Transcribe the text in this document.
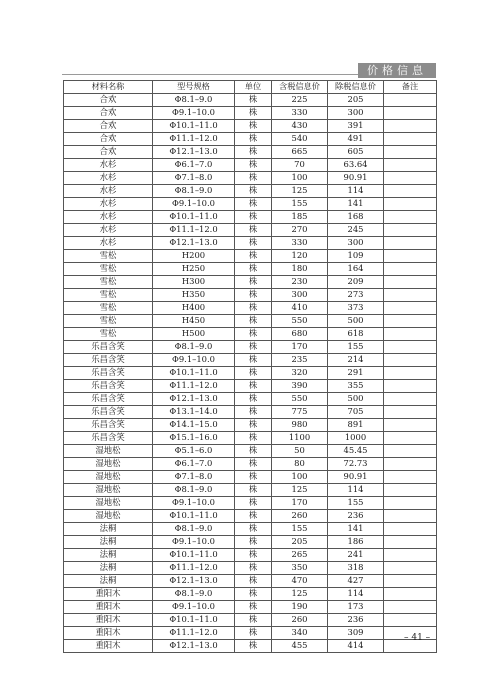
价格信息
材料名称	型号规格	单位	含税信息价	除税信息价	备注
合欢	Φ8.1–9.0	株	225	205	
合欢	Φ9.1–10.0	株	330	300	
合欢	Φ10.1–11.0	株	430	391	
合欢	Φ11.1–12.0	株	540	491	
合欢	Φ12.1–13.0	株	665	605	
水杉	Φ6.1–7.0	株	70	63.64	
水杉	Φ7.1–8.0	株	100	90.91	
水杉	Φ8.1–9.0	株	125	114	
水杉	Φ9.1–10.0	株	155	141	
水杉	Φ10.1–11.0	株	185	168	
水杉	Φ11.1–12.0	株	270	245	
水杉	Φ12.1–13.0	株	330	300	
雪松	H200	株	120	109	
雪松	H250	株	180	164	
雪松	H300	株	230	209	
雪松	H350	株	300	273	
雪松	H400	株	410	373	
雪松	H450	株	550	500	
雪松	H500	株	680	618	
乐昌含笑	Φ8.1–9.0	株	170	155	
乐昌含笑	Φ9.1–10.0	株	235	214	
乐昌含笑	Φ10.1–11.0	株	320	291	
乐昌含笑	Φ11.1–12.0	株	390	355	
乐昌含笑	Φ12.1–13.0	株	550	500	
乐昌含笑	Φ13.1–14.0	株	775	705	
乐昌含笑	Φ14.1–15.0	株	980	891	
乐昌含笑	Φ15.1–16.0	株	1100	1000	
湿地松	Φ5.1–6.0	株	50	45.45	
湿地松	Φ6.1–7.0	株	80	72.73	
湿地松	Φ7.1–8.0	株	100	90.91	
湿地松	Φ8.1–9.0	株	125	114	
湿地松	Φ9.1–10.0	株	170	155	
湿地松	Φ10.1–11.0	株	260	236	
法桐	Φ8.1–9.0	株	155	141	
法桐	Φ9.1–10.0	株	205	186	
法桐	Φ10.1–11.0	株	265	241	
法桐	Φ11.1–12.0	株	350	318	
法桐	Φ12.1–13.0	株	470	427	
重阳木	Φ8.1–9.0	株	125	114	
重阳木	Φ9.1–10.0	株	190	173	
重阳木	Φ10.1–11.0	株	260	236	
重阳木	Φ11.1–12.0	株	340	309	
重阳木	Φ12.1–13.0	株	455	414	
– 41 –
